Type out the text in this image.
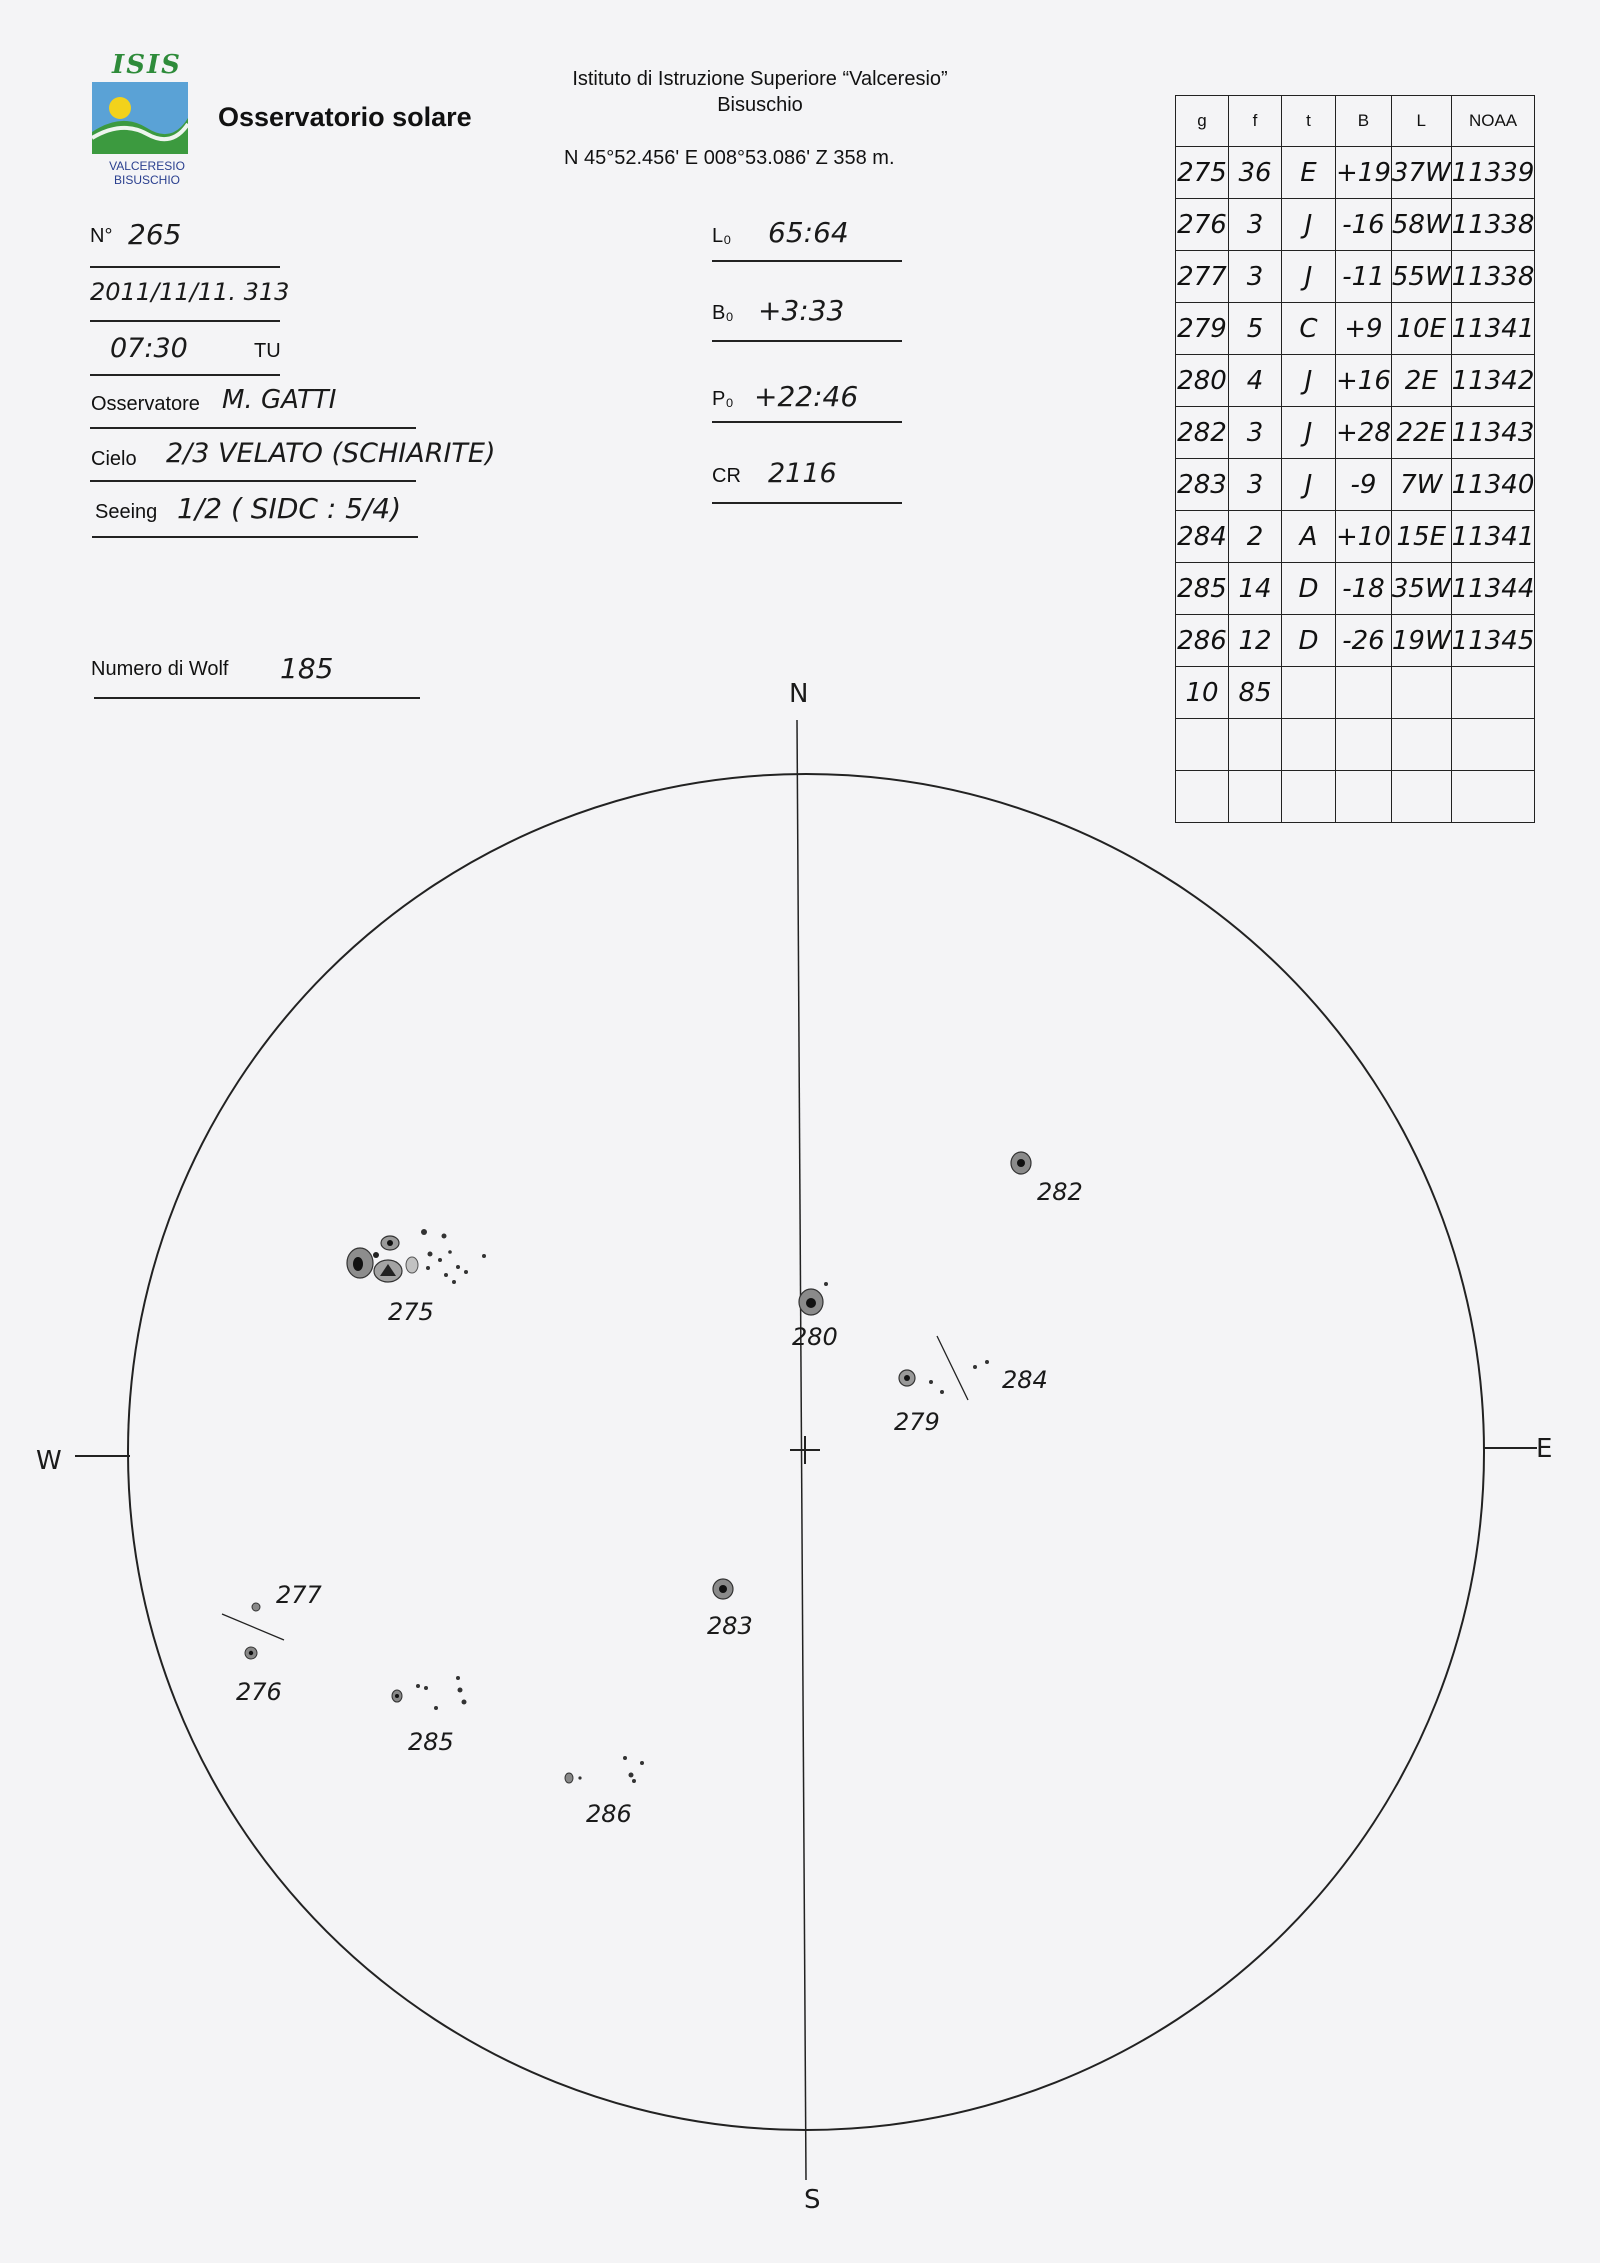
ISIS
VALCERESIO
BISUSCHIO
Osservatorio solare
Istituto di Istruzione Superiore “Valceresio”
Bisuschio
N 45°52.456' E 008°53.086' Z 358 m.
N° 265
2011/11/11. 313
07:30	TU
Osservatore M. GATTI
Cielo 2/3 VELATO (SCHIARITE)
Seeing 1/2 ( SIDC : 5/4)
Numero di Wolf 185
L₀ 65:64
B₀ +3:33
P₀ +22:46
CR 2116
g	f	t	B	L	NOAA
275	36	E	+19	37W	11339
276	3	J	-16	58W	11338
277	3	J	-11	55W	11338
279	5	C	+9	10E	11341
280	4	J	+16	2E	11342
282	3	J	+28	22E	11343
283	3	J	-9	7W	11340
284	2	A	+10	15E	11341
285	14	D	-18	35W	11344
286	12	D	-26	19W	11345
10	85				

N
S
E
W
275
276
277
279
280
282
283
284
285
286
